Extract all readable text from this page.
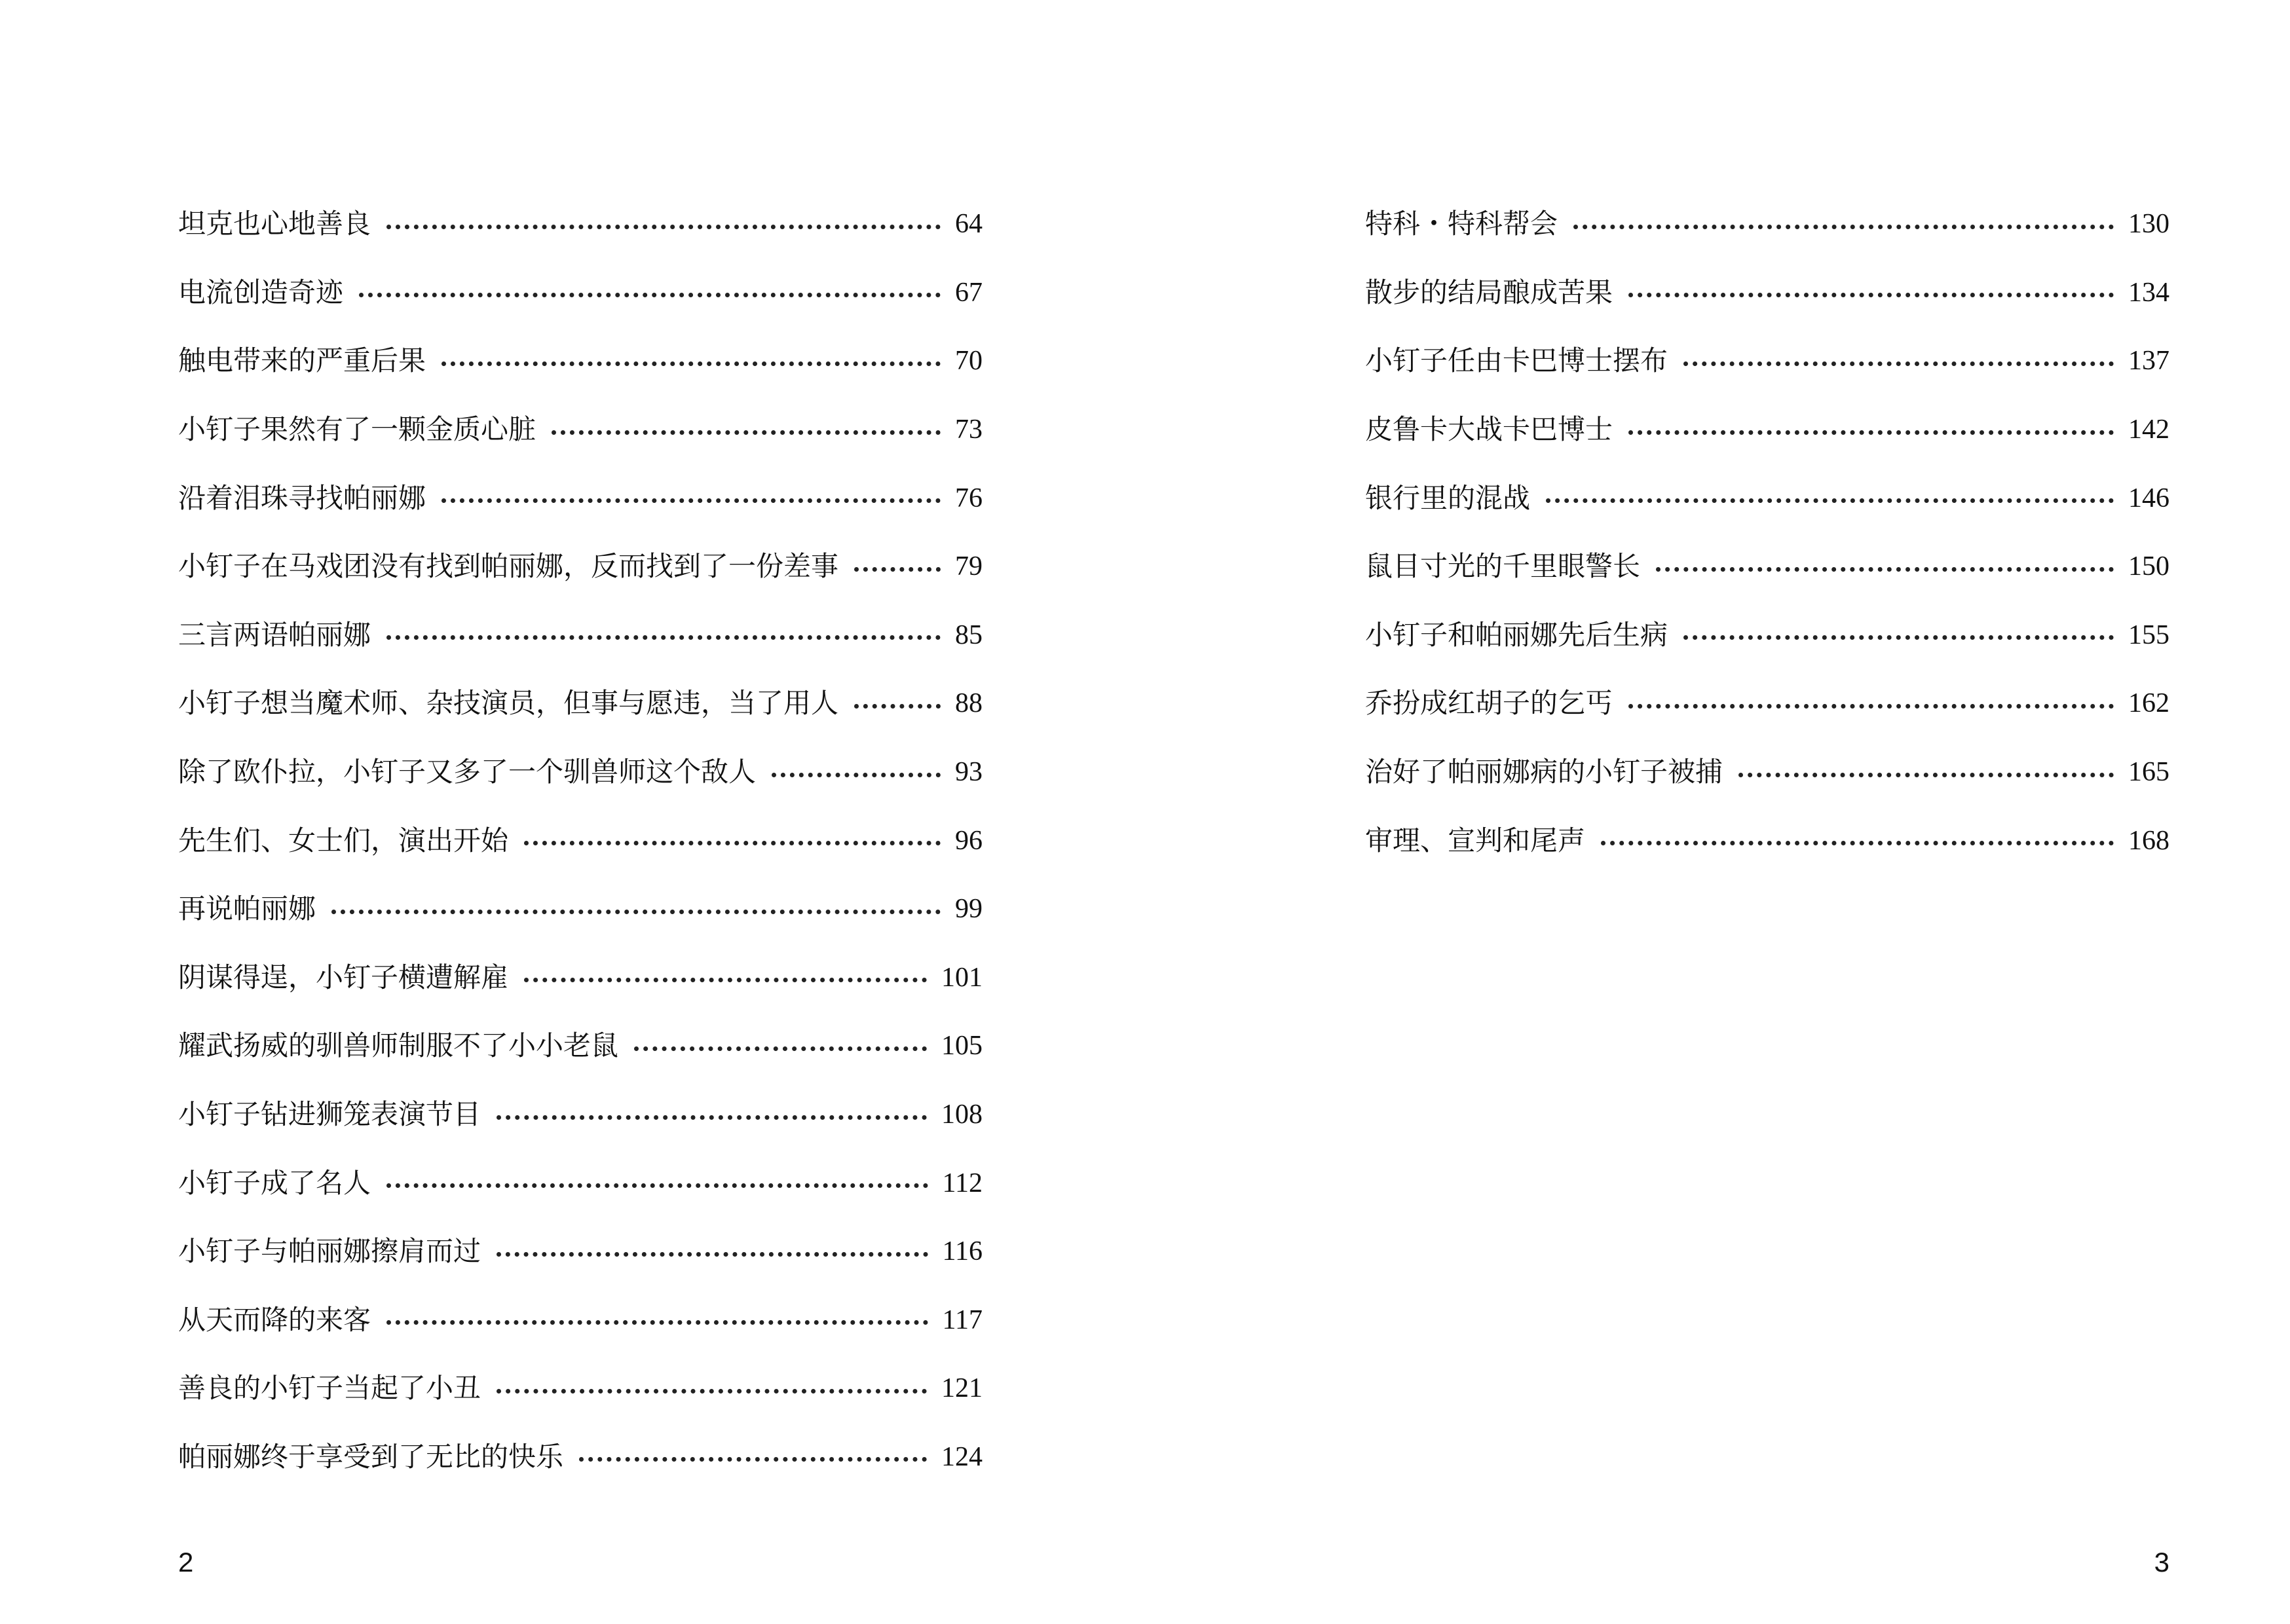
坦克也心地善良	64
电流创造奇迹	67
触电带来的严重后果	70
小钉子果然有了一颗金质心脏	73
沿着泪珠寻找帕丽娜	76
小钉子在马戏团没有找到帕丽娜，反而找到了一份差事	79
三言两语帕丽娜	85
小钉子想当魔术师、杂技演员，但事与愿违，当了用人	88
除了欧仆拉，小钉子又多了一个驯兽师这个敌人	93
先生们、女士们，演出开始	96
再说帕丽娜	99
阴谋得逞，小钉子横遭解雇	101
耀武扬威的驯兽师制服不了小小老鼠	105
小钉子钻进狮笼表演节目	108
小钉子成了名人	112
小钉子与帕丽娜擦肩而过	116
从天而降的来客	117
善良的小钉子当起了小丑	121
帕丽娜终于享受到了无比的快乐	124
2
特科・特科帮会	130
散步的结局酿成苦果	134
小钉子任由卡巴博士摆布	137
皮鲁卡大战卡巴博士	142
银行里的混战	146
鼠目寸光的千里眼警长	150
小钉子和帕丽娜先后生病	155
乔扮成红胡子的乞丐	162
治好了帕丽娜病的小钉子被捕	165
审理、宣判和尾声	168
3
